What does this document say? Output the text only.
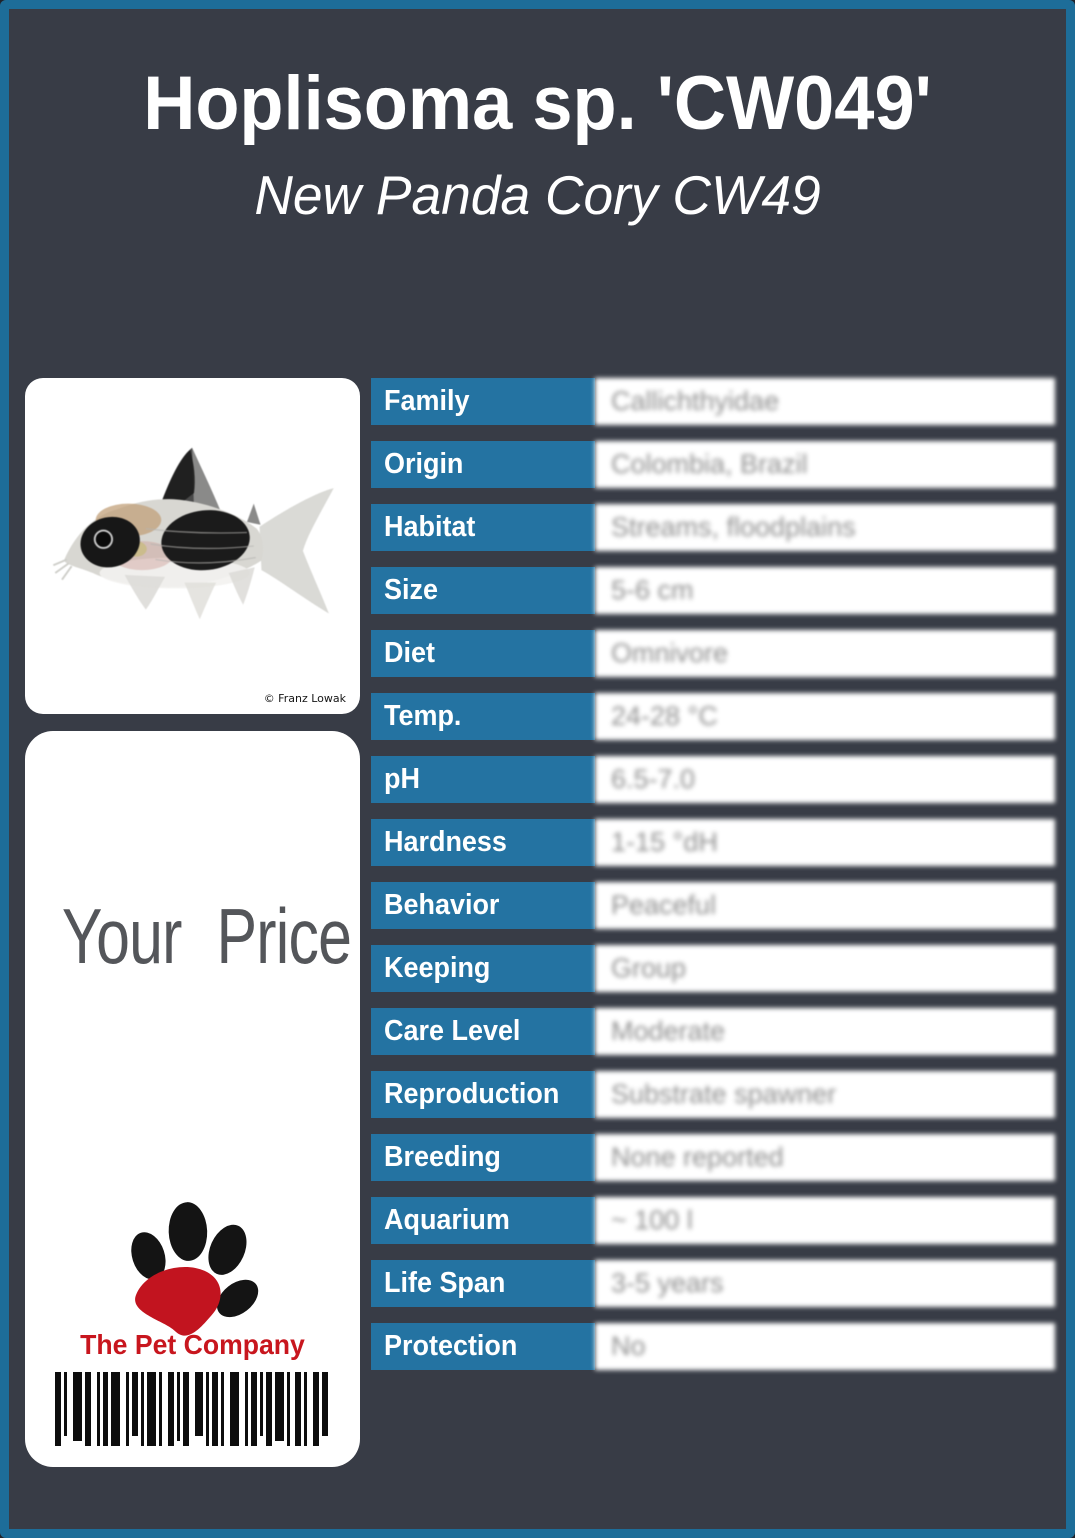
Hoplisoma sp. 'CW049'
New Panda Cory CW49
© Franz Lowak
Your Price
The Pet Company
Family	Callichthyidae
Origin	Colombia, Brazil
Habitat	Streams, floodplains
Size	5-6 cm
Diet	Omnivore
Temp.	24-28 °C
pH	6.5-7.0
Hardness	1-15 °dH
Behavior	Peaceful
Keeping	Group
Care Level	Moderate
Reproduction	Substrate spawner
Breeding	None reported
Aquarium	~ 100 l
Life Span	3-5 years
Protection	No
